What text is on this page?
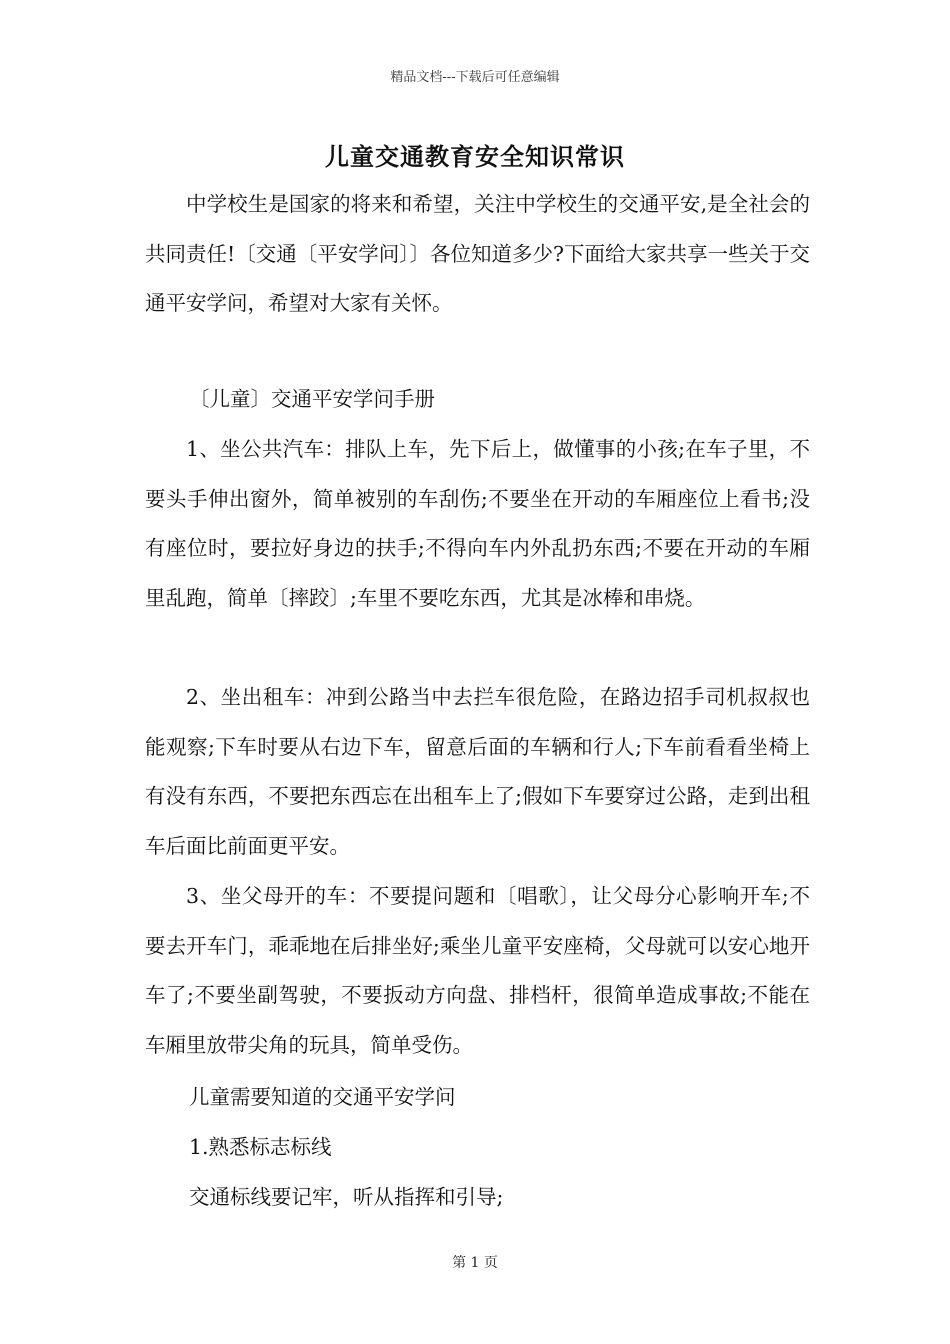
精品文档---下载后可任意编辑
儿童交通教育安全知识常识

中学校生是国家的将来和希望，关注中学校生的交通平安,是全社会的共同责任!〔交通〔平安学问〕〕各位知道多少?下面给大家共享一些关于交通平安学问，希望对大家有关怀。

〔儿童〕交通平安学问手册

1、坐公共汽车：排队上车，先下后上，做懂事的小孩;在车子里，不要头手伸出窗外，简单被别的车刮伤;不要坐在开动的车厢座位上看书;没有座位时，要拉好身边的扶手;不得向车内外乱扔东西;不要在开动的车厢里乱跑，简单〔摔跤〕;车里不要吃东西，尤其是冰棒和串烧。

2、坐出租车：冲到公路当中去拦车很危险，在路边招手司机叔叔也能观察;下车时要从右边下车，留意后面的车辆和行人;下车前看看坐椅上有没有东西，不要把东西忘在出租车上了;假如下车要穿过公路，走到出租车后面比前面更平安。

3、坐父母开的车：不要提问题和〔唱歌〕，让父母分心影响开车;不要去开车门，乖乖地在后排坐好;乘坐儿童平安座椅，父母就可以安心地开车了;不要坐副驾驶，不要扳动方向盘、排档杆，很简单造成事故;不能在车厢里放带尖角的玩具，简单受伤。

儿童需要知道的交通平安学问
1.熟悉标志标线
交通标线要记牢，听从指挥和引导;
第 1 页
